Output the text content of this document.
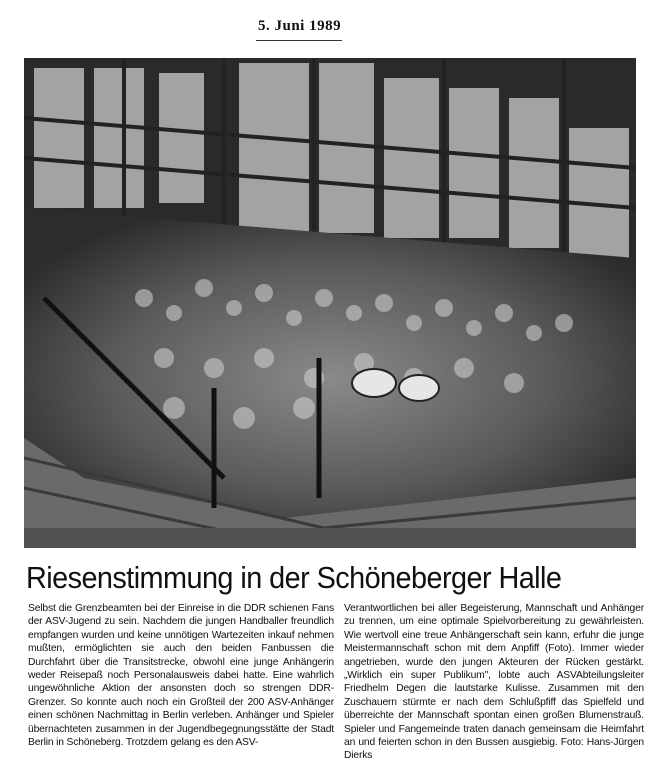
5. Juni 1989
Riesenstimmung in der Schöneberger Halle
Selbst die Grenzbeamten bei der Einreise in die DDR schienen Fans der ASV-Jugend zu sein. Nachdem die jungen Handballer freundlich empfangen wurden und keine unnötigen Wartezeiten inkauf nehmen mußten, ermöglichten sie auch den beiden Fanbussen die Durchfahrt über die Transitstrecke, obwohl eine junge Anhängerin weder Reisepaß noch Personalausweis dabei hatte. Eine wahrlich ungewöhnliche Aktion der ansonsten doch so strengen DDR-Grenzer. So konnte auch noch ein Großteil der 200 ASV-Anhänger einen schönen Nachmittag in Berlin verleben. Anhänger und Spieler übernachteten zusammen in der Jugendbegegnungsstätte der Stadt Berlin in Schöneberg. Trotzdem gelang es den ASV-
Verantwortlichen bei aller Begeisterung, Mannschaft und Anhänger zu trennen, um eine optimale Spielvorbereitung zu gewährleisten. Wie wertvoll eine treue Anhängerschaft sein kann, erfuhr die junge Meistermannschaft schon mit dem Anpfiff (Foto). Immer wieder angetrieben, wurde den jungen Akteuren der Rücken gestärkt. „Wirklich ein super Publikum", lobte auch ASVAbteilungsleiter Friedhelm Degen die lautstarke Kulisse. Zusammen mit den Zuschauern stürmte er nach dem Schlußpfiff das Spielfeld und überreichte der Mannschaft spontan einen großen Blumenstrauß. Spieler und Fangemeinde traten danach gemeinsam die Heimfahrt an und feierten schon in den Bussen ausgiebig. Foto: Hans-Jürgen Dierks
